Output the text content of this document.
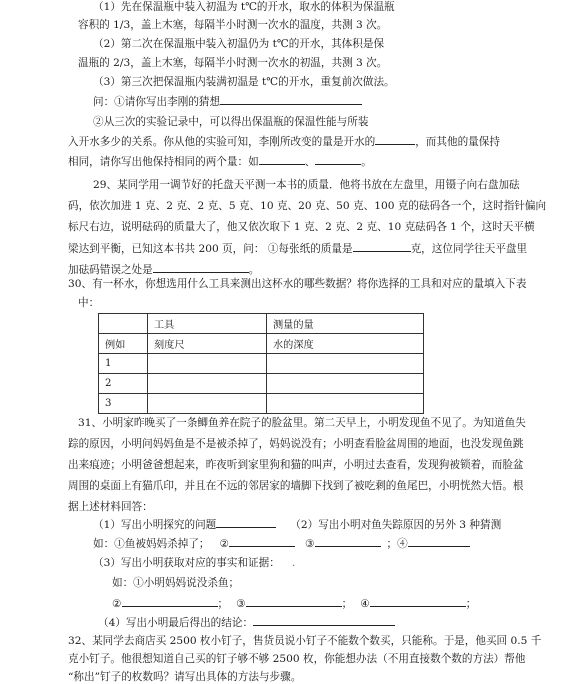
（1）先在保温瓶中装入初温为 t℃的开水，取水的体积为保温瓶
容积的 1/3，盖上木塞，每隔半小时测一次水的温度，共测 3 次。
（2）第二次在保温瓶中装入初温仍为 t℃的开水，其体积是保
温瓶的 2/3，盖上木塞，每隔半小时测一次水的初温，共测 3 次。
（3）第三次把保温瓶内装满初温是 t℃的开水，重复前次做法。
问：①请你写出李刚的猜想
②从三次的实验记录中，可以得出保温瓶的保温性能与所装
入开水多少的关系。你从他的实验可知，李刚所改变的量是开水的	，而其他的量保持
相同，请你写出他保持相同的两个量：如	、	。
29、某同学用一调节好的托盘天平测一本书的质量．他将书放在左盘里，用镊子向右盘加砝
码，依次加进 1 克、2 克、2 克、5 克、10 克、20 克、50 克、100 克的砝码各一个，这时指针偏向
标尺右边，说明砝码的质量大了，他又依次取下 1 克、2 克、2 克、10 克砝码各 1 个，这时天平横
梁达到平衡，已知这本书共 200 页，问： ①每张纸的质量是	克，这位同学往天平盘里
加砝码错误之处是	。
30、有一杯水，你想选用什么工具来测出这杯水的哪些数据？将你选择的工具和对应的量填入下表
中：
	工具	测量的量
例如	刻度尺	水的深度
1		
2		
3		
31、小明家昨晚买了一条鲫鱼养在院子的脸盆里。第二天早上，小明发现鱼不见了。为知道鱼失
踪的原因，小明问妈妈鱼是不是被杀掉了，妈妈说没有；小明查看脸盆周围的地面，也没发现鱼跳
出来痕迹；小明爸爸想起来，昨夜听到家里狗和猫的叫声，小明过去查看，发现狗被锁着，而脸盆
周围的桌面上有猫爪印，并且在不远的邻居家的墙脚下找到了被吃剩的鱼尾巴，小明恍然大悟。根
据上述材料回答：
（1）写出小明探究的问题	（2）写出小明对鱼失踪原因的另外 3 种猜测
如：①鱼被妈妈杀掉了； ②	③	；④
（3）写出小明获取对应的事实和证据： .
如：①小明妈妈说没杀鱼；
②	； ③	； ④	；
（4）写出小明最后得出的结论：
32、某同学去商店买 2500 枚小钉子，售货员说小钉子不能数个数买，只能称。于是，他买回 0.5 千
克小钉子。他很想知道自己买的钉子够不够 2500 枚，你能想办法（不用直接数个数的方法）帮他
“称出”钉子的枚数吗？请写出具体的方法与步骤。
